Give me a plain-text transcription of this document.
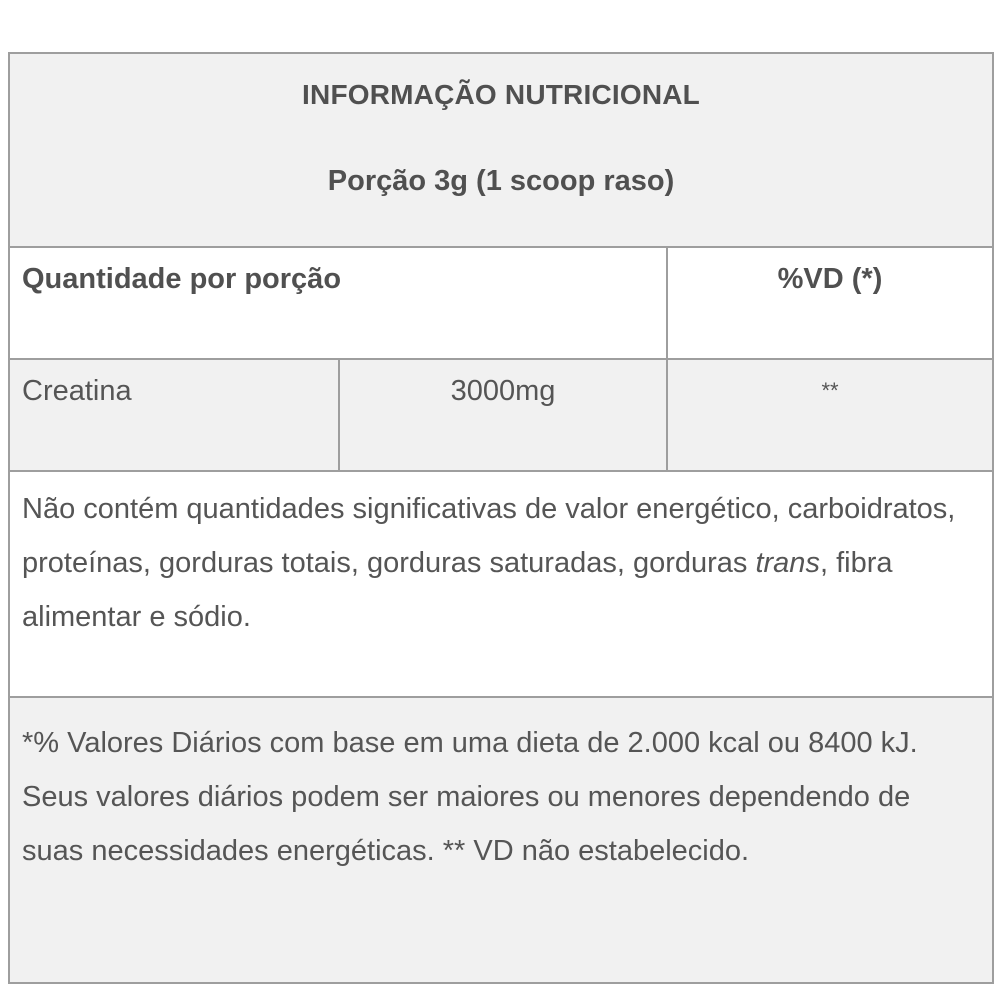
INFORMAÇÃO NUTRICIONAL
Porção 3g (1 scoop raso)		

Quantidade por porção		%VD (*)
Creatina	3000mg	**

Não contém quantidades significativas de valor energético, carboidratos, proteínas, gorduras totais, gorduras saturadas, gorduras trans, fibra alimentar e sódio.		

*% Valores Diários com base em uma dieta de 2.000 kcal ou 8400 kJ. Seus valores diários podem ser maiores ou menores dependendo de suas necessidades energéticas. ** VD não estabelecido.		
